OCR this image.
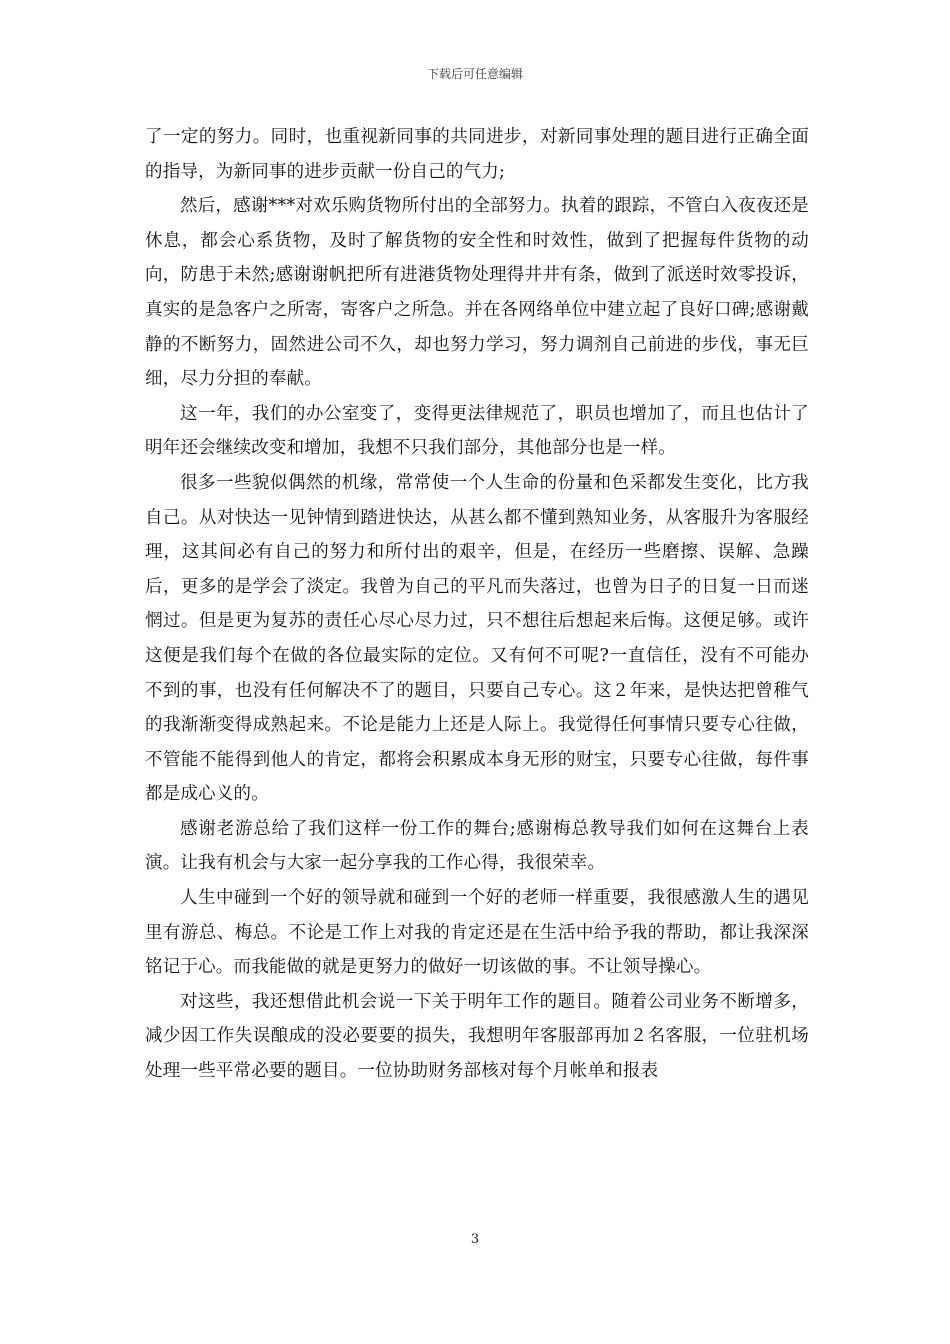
下载后可任意编辑

了一定的努力。同时，也重视新同事的共同进步，对新同事处理的题目进行正确全面的指导，为新同事的进步贡献一份自己的气力;

然后，感谢***对欢乐购货物所付出的全部努力。执着的跟踪，不管白入夜夜还是休息，都会心系货物，及时了解货物的安全性和时效性，做到了把握每件货物的动向，防患于未然;感谢谢帆把所有进港货物处理得井井有条，做到了派送时效零投诉，真实的是急客户之所寄，寄客户之所急。并在各网络单位中建立起了良好口碑;感谢戴静的不断努力，固然进公司不久，却也努力学习，努力调剂自己前进的步伐，事无巨细，尽力分担的奉献。

这一年，我们的办公室变了，变得更法律规范了，职员也增加了，而且也估计了明年还会继续改变和增加，我想不只我们部分，其他部分也是一样。

很多一些貌似偶然的机缘，常常使一个人生命的份量和色采都发生变化，比方我自己。从对快达一见钟情到踏进快达，从甚么都不懂到熟知业务，从客服升为客服经理，这其间必有自己的努力和所付出的艰辛，但是，在经历一些磨擦、误解、急躁后，更多的是学会了淡定。我曾为自己的平凡而失落过，也曾为日子的日复一日而迷惘过。但是更为复苏的责任心尽心尽力过，只不想往后想起来后悔。这便足够。或许这便是我们每个在做的各位最实际的定位。又有何不可呢?一直信任，没有不可能办不到的事，也没有任何解决不了的题目，只要自己专心。这２年来，是快达把曾稚气的我渐渐变得成熟起来。不论是能力上还是人际上。我觉得任何事情只要专心往做，不管能不能得到他人的肯定，都将会积累成本身无形的财宝，只要专心往做，每件事都是成心义的。

感谢老游总给了我们这样一份工作的舞台;感谢梅总教导我们如何在这舞台上表演。让我有机会与大家一起分享我的工作心得，我很荣幸。

人生中碰到一个好的领导就和碰到一个好的老师一样重要，我很感激人生的遇见里有游总、梅总。不论是工作上对我的肯定还是在生活中给予我的帮助，都让我深深铭记于心。而我能做的就是更努力的做好一切该做的事。不让领导操心。

对这些，我还想借此机会说一下关于明年工作的题目。随着公司业务不断增多，减少因工作失误酿成的没必要要的损失，我想明年客服部再加２名客服，一位驻机场处理一些平常必要的题目。一位协助财务部核对每个月帐单和报表

3
